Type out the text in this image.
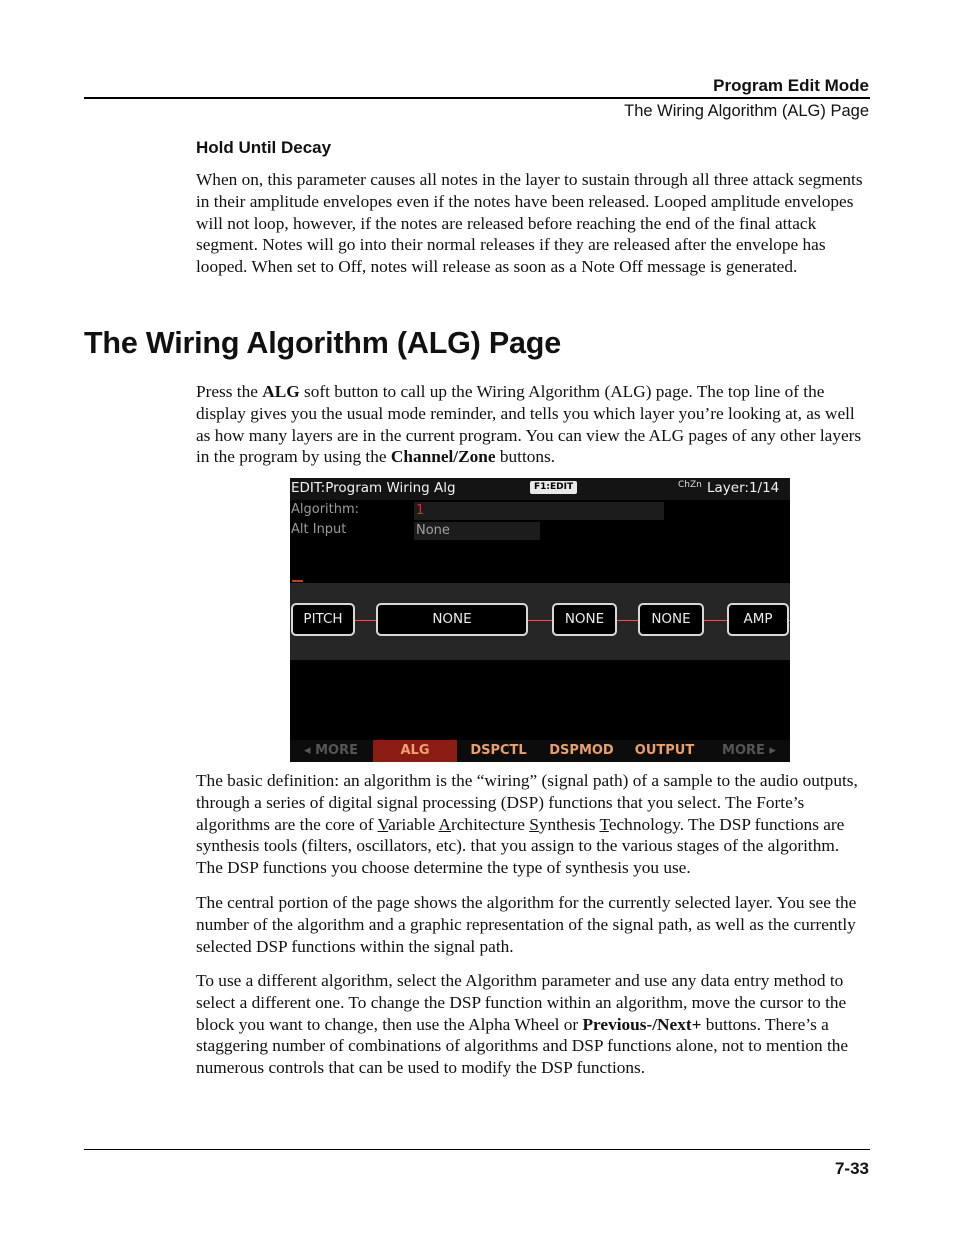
Program Edit Mode
The Wiring Algorithm (ALG) Page
Hold Until Decay

When on, this parameter causes all notes in the layer to sustain through all three attack segments in their amplitude envelopes even if the notes have been released. Looped amplitude envelopes will not loop, however, if the notes are released before reaching the end of the final attack segment. Notes will go into their normal releases if they are released after the envelope has looped. When set to Off, notes will release as soon as a Note Off message is generated.

The Wiring Algorithm (ALG) Page

Press the ALG soft button to call up the Wiring Algorithm (ALG) page. The top line of the display gives you the usual mode reminder, and tells you which layer you’re looking at, as well as how many layers are in the current program. You can view the ALG pages of any other layers in the program by using the Channel/Zone buttons.

EDIT:Program Wiring Alg	F1:EDIT	ChZn Layer:1/14
Algorithm:	1
Alt Input	None
PITCH	NONE	NONE	NONE	AMP
◂ MORE	ALG	DSPCTL	DSPMOD	OUTPUT	MORE ▸

The basic definition: an algorithm is the “wiring” (signal path) of a sample to the audio outputs, through a series of digital signal processing (DSP) functions that you select. The Forte’s algorithms are the core of Variable Architecture Synthesis Technology. The DSP functions are synthesis tools (filters, oscillators, etc). that you assign to the various stages of the algorithm. The DSP functions you choose determine the type of synthesis you use.

The central portion of the page shows the algorithm for the currently selected layer. You see the number of the algorithm and a graphic representation of the signal path, as well as the currently selected DSP functions within the signal path.

To use a different algorithm, select the Algorithm parameter and use any data entry method to select a different one. To change the DSP function within an algorithm, move the cursor to the block you want to change, then use the Alpha Wheel or Previous-/Next+ buttons. There’s a staggering number of combinations of algorithms and DSP functions alone, not to mention the numerous controls that can be used to modify the DSP functions.

7-33
